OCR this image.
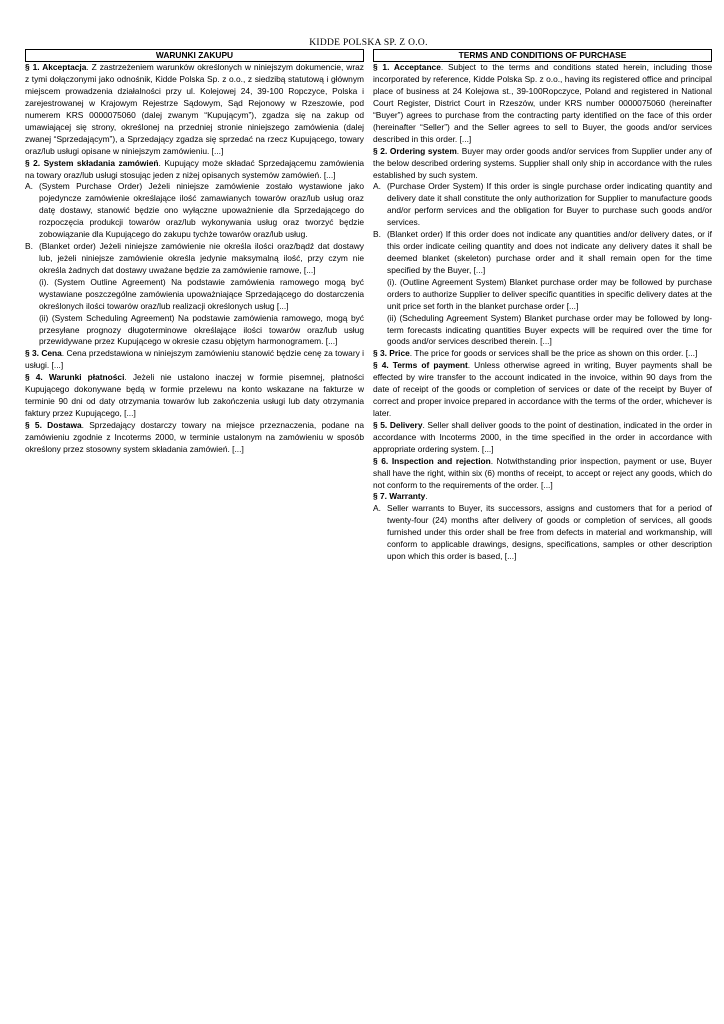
KIDDE POLSKA SP. Z O.O.
WARUNKI ZAKUPU

§ 1. Akceptacja. Z zastrzeżeniem warunków określonych w niniejszym dokumencie, wraz z tymi dołączonymi jako odnośnik, Kidde Polska Sp. z o.o., z siedzibą statutową i głównym miejscem prowadzenia działalności przy ul. Kolejowej 24, 39-100 Ropczyce, Polska i zarejestrowanej w Krajowym Rejestrze Sądowym, Sąd Rejonowy w Rzeszowie, pod numerem KRS 0000075060 (dalej zwanym “Kupującym”), zgadza się na zakup od umawiającej się strony, określonej na przedniej stronie niniejszego zamówienia (dalej zwanej “Sprzedającym”), a Sprzedający zgadza się sprzedać na rzecz Kupującego, towary oraz/lub usługi opisane w niniejszym zamówieniu. [...]

§ 2. System składania zamówień. Kupujący może składać Sprzedającemu zamówienia na towary oraz/lub usługi stosując jeden z niżej opisanych systemów zamówień. [...]

A. (System Purchase Order) Jeżeli niniejsze zamówienie zostało wystawione jako pojedyncze zamówienie określające ilość zamawianych towarów oraz/lub usług oraz datę dostawy, stanowić będzie ono wyłączne upoważnienie dla Sprzedającego do rozpoczęcia produkcji towarów oraz/lub wykonywania usług oraz tworzyć będzie zobowiązanie dla Kupującego do zakupu tychże towarów oraz/lub usług.
B. (Blanket order) Jeżeli niniejsze zamówienie nie określa ilości oraz/bądź dat dostawy lub, jeżeli niniejsze zamówienie określa jedynie maksymalną ilość, przy czym nie określa żadnych dat dostawy uważane będzie za zamówienie ramowe, [...]

(i). (System Outline Agreement) Na podstawie zamówienia ramowego mogą być wystawiane poszczególne zamówienia upoważniające Sprzedającego do dostarczenia określonych ilości towarów oraz/lub realizacji określonych usług [...]

(ii) (System Scheduling Agreement) Na podstawie zamówienia ramowego, mogą być przesyłane prognozy długoterminowe określające ilości towarów oraz/lub usług przewidywane przez Kupującego w okresie czasu objętym harmonogramem. [...]

§ 3. Cena. Cena przedstawiona w niniejszym zamówieniu stanowić będzie cenę za towary i usługi. [...]

§ 4. Warunki płatności. Jeżeli nie ustalono inaczej w formie pisemnej, płatności Kupującego dokonywane będą w formie przelewu na konto wskazane na fakturze w terminie 90 dni od daty otrzymania towarów lub zakończenia usługi lub daty otrzymania faktury przez Kupującego, [...]

§ 5. Dostawa. Sprzedający dostarczy towary na miejsce przeznaczenia, podane na zamówieniu zgodnie z Incoterms 2000, w terminie ustalonym na zamówieniu w sposób określony przez stosowny system składania zamówień. [...]

TERMS AND CONDITIONS OF PURCHASE

§ 1. Acceptance. Subject to the terms and conditions stated herein, including those incorporated by reference, Kidde Polska Sp. z o.o., having its registered office and principal place of business at 24 Kolejowa st., 39-100Ropczyce, Poland and registered in National Court Register, District Court in Rzeszów, under KRS number 0000075060 (hereinafter “Buyer”) agrees to purchase from the contracting party identified on the face of this order (hereinafter “Seller”) and the Seller agrees to sell to Buyer, the goods and/or services described in this order. [...]

§ 2. Ordering system. Buyer may order goods and/or services from Supplier under any of the below described ordering systems. Supplier shall only ship in accordance with the rules established by such system.

A. (Purchase Order System) If this order is single purchase order indicating quantity and delivery date it shall constitute the only authorization for Supplier to manufacture goods and/or perform services and the obligation for Buyer to purchase such goods and/or services.
B. (Blanket order) If this order does not indicate any quantities and/or delivery dates, or if this order indicate ceiling quantity and does not indicate any delivery dates it shall be deemed blanket (skeleton) purchase order and it shall remain open for the time specified by the Buyer, [...]

(i). (Outline Agreement System) Blanket purchase order may be followed by purchase orders to authorize Supplier to deliver specific quantities in specific delivery dates at the unit price set forth in the blanket purchase order [...]

(ii) (Scheduling Agreement System) Blanket purchase order may be followed by long-term forecasts indicating quantities Buyer expects will be required over the time for goods and/or services described therein. [...]

§ 3. Price. The price for goods or services shall be the price as shown on this order. [...]

§ 4. Terms of payment. Unless otherwise agreed in writing, Buyer payments shall be effected by wire transfer to the account indicated in the invoice, within 90 days from the date of receipt of the goods or completion of services or date of the receipt by Buyer of correct and proper invoice prepared in accordance with the terms of the order, whichever is later.

§ 5. Delivery. Seller shall deliver goods to the point of destination, indicated in the order in accordance with Incoterms 2000, in the time specified in the order in accordance with appropriate ordering system. [...]

§ 6. Inspection and rejection. Notwithstanding prior inspection, payment or use, Buyer shall have the right, within six (6) months of receipt, to accept or reject any goods, which do not conform to the requirements of the order. [...]

§ 7. Warranty.

A. Seller warrants to Buyer, its successors, assigns and customers that for a period of twenty-four (24) months after delivery of goods or completion of services, all goods furnished under this order shall be free from defects in material and workmanship, will conform to applicable drawings, designs, specifications, samples or other description upon which this order is based, [...]
